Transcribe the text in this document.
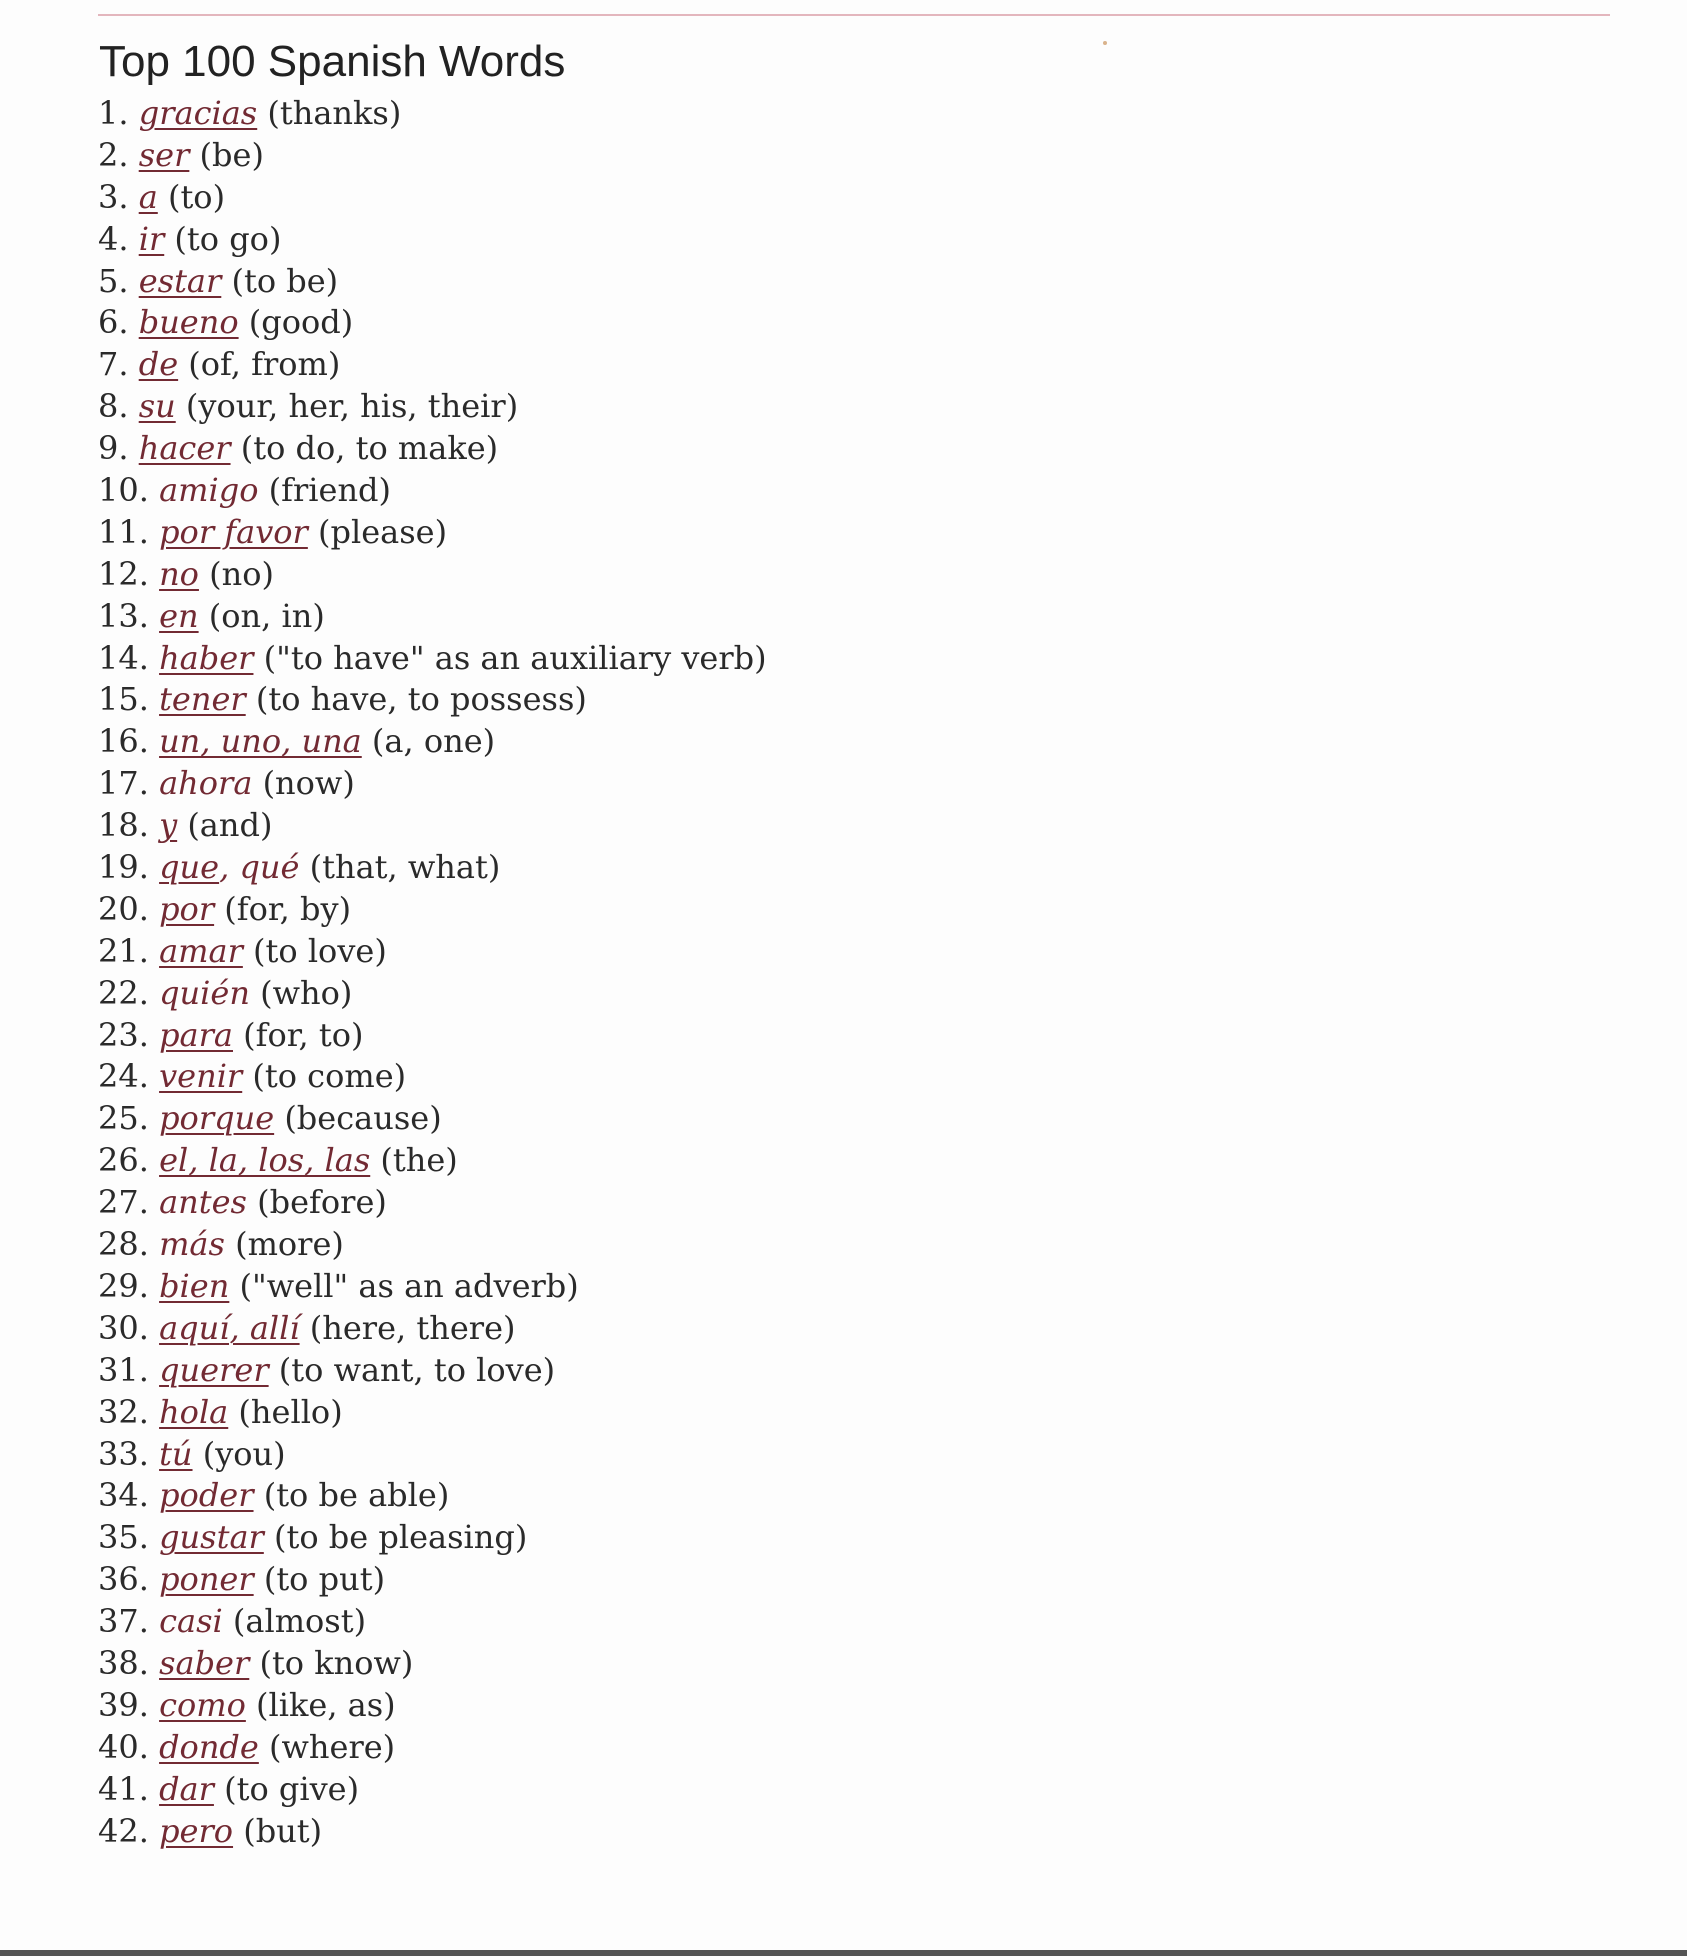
Top 100 Spanish Words
1. gracias (thanks)
2. ser (be)
3. a (to)
4. ir (to go)
5. estar (to be)
6. bueno (good)
7. de (of, from)
8. su (your, her, his, their)
9. hacer (to do, to make)
10. amigo (friend)
11. por favor (please)
12. no (no)
13. en (on, in)
14. haber ("to have" as an auxiliary verb)
15. tener (to have, to possess)
16. un, uno, una (a, one)
17. ahora (now)
18. y (and)
19. que, qué (that, what)
20. por (for, by)
21. amar (to love)
22. quién (who)
23. para (for, to)
24. venir (to come)
25. porque (because)
26. el, la, los, las (the)
27. antes (before)
28. más (more)
29. bien ("well" as an adverb)
30. aquí, allí (here, there)
31. querer (to want, to love)
32. hola (hello)
33. tú (you)
34. poder (to be able)
35. gustar (to be pleasing)
36. poner (to put)
37. casi (almost)
38. saber (to know)
39. como (like, as)
40. donde (where)
41. dar (to give)
42. pero (but)
